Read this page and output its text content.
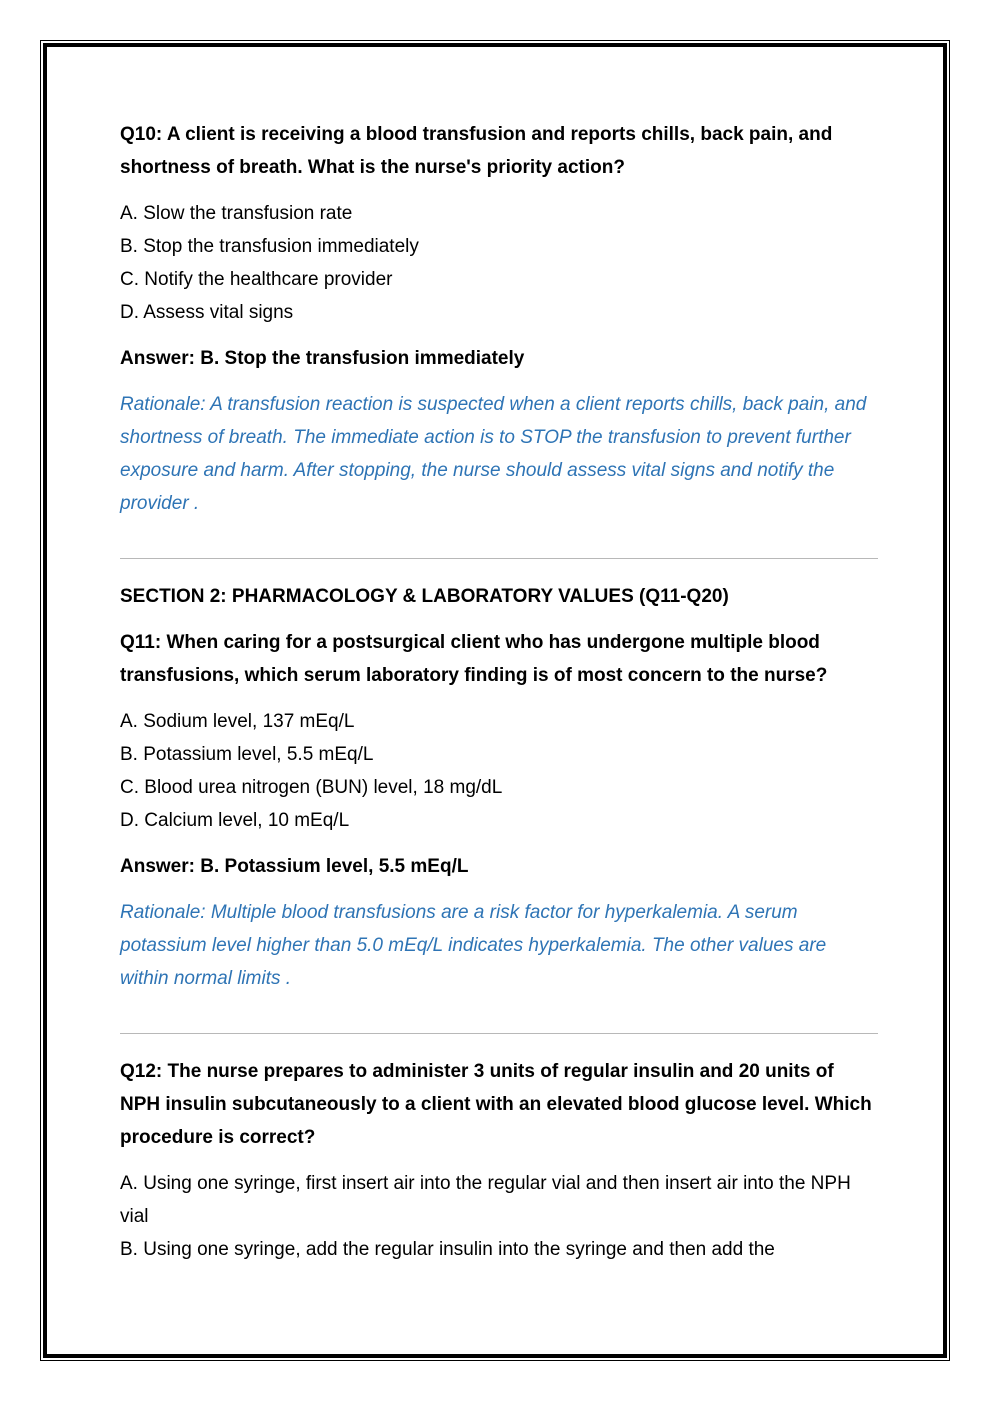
Q10: A client is receiving a blood transfusion and reports chills, back pain, and shortness of breath. What is the nurse's priority action?

A. Slow the transfusion rate
B. Stop the transfusion immediately
C. Notify the healthcare provider
D. Assess vital signs

Answer: B. Stop the transfusion immediately

Rationale: A transfusion reaction is suspected when a client reports chills, back pain, and shortness of breath. The immediate action is to STOP the transfusion to prevent further exposure and harm. After stopping, the nurse should assess vital signs and notify the provider .

SECTION 2: PHARMACOLOGY & LABORATORY VALUES (Q11-Q20)

Q11: When caring for a postsurgical client who has undergone multiple blood transfusions, which serum laboratory finding is of most concern to the nurse?

A. Sodium level, 137 mEq/L
B. Potassium level, 5.5 mEq/L
C. Blood urea nitrogen (BUN) level, 18 mg/dL
D. Calcium level, 10 mEq/L

Answer: B. Potassium level, 5.5 mEq/L

Rationale: Multiple blood transfusions are a risk factor for hyperkalemia. A serum potassium level higher than 5.0 mEq/L indicates hyperkalemia. The other values are within normal limits .

Q12: The nurse prepares to administer 3 units of regular insulin and 20 units of NPH insulin subcutaneously to a client with an elevated blood glucose level. Which procedure is correct?

A. Using one syringe, first insert air into the regular vial and then insert air into the NPH vial
B. Using one syringe, add the regular insulin into the syringe and then add the
